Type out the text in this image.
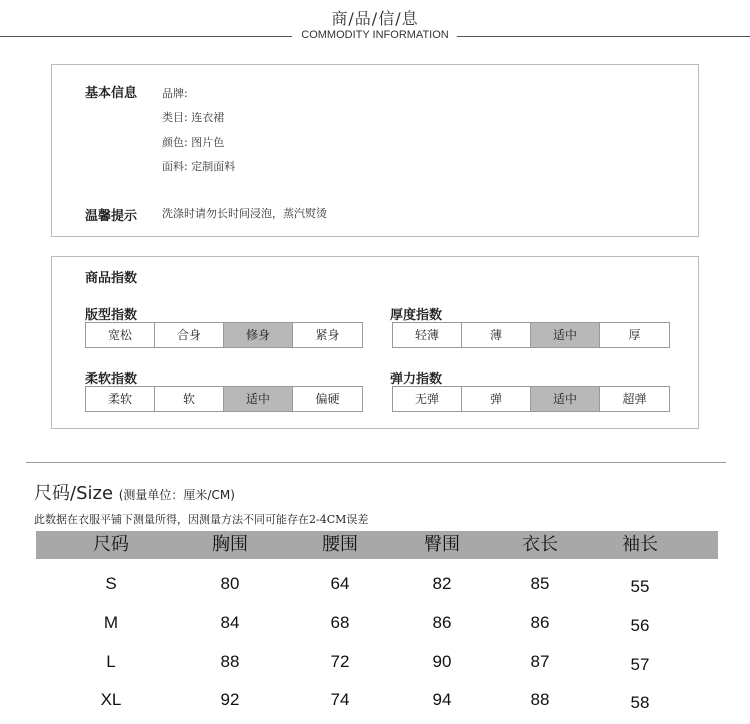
商/品/信/息
COMMODITY INFORMATION
基本信息 品牌:
类目: 连衣裙
颜色: 图片色
面料: 定制面料
温馨提示 洗涤时请勿长时间浸泡，蒸汽熨烫
商品指数
版型指数
宽松	合身	修身	紧身
厚度指数
轻薄	薄	适中	厚
柔软指数
柔软	软	适中	偏硬
弹力指数
无弹	弹	适中	超弹
尺码/Size (测量单位：厘米/CM)
此数据在衣服平铺下测量所得，因测量方法不同可能存在2-4CM误差
尺码	胸围	腰围	臀围	衣长	袖长
S	80	64	82	85	55
M	84	68	86	86	56
L	88	72	90	87	57
XL	92	74	94	88	58
